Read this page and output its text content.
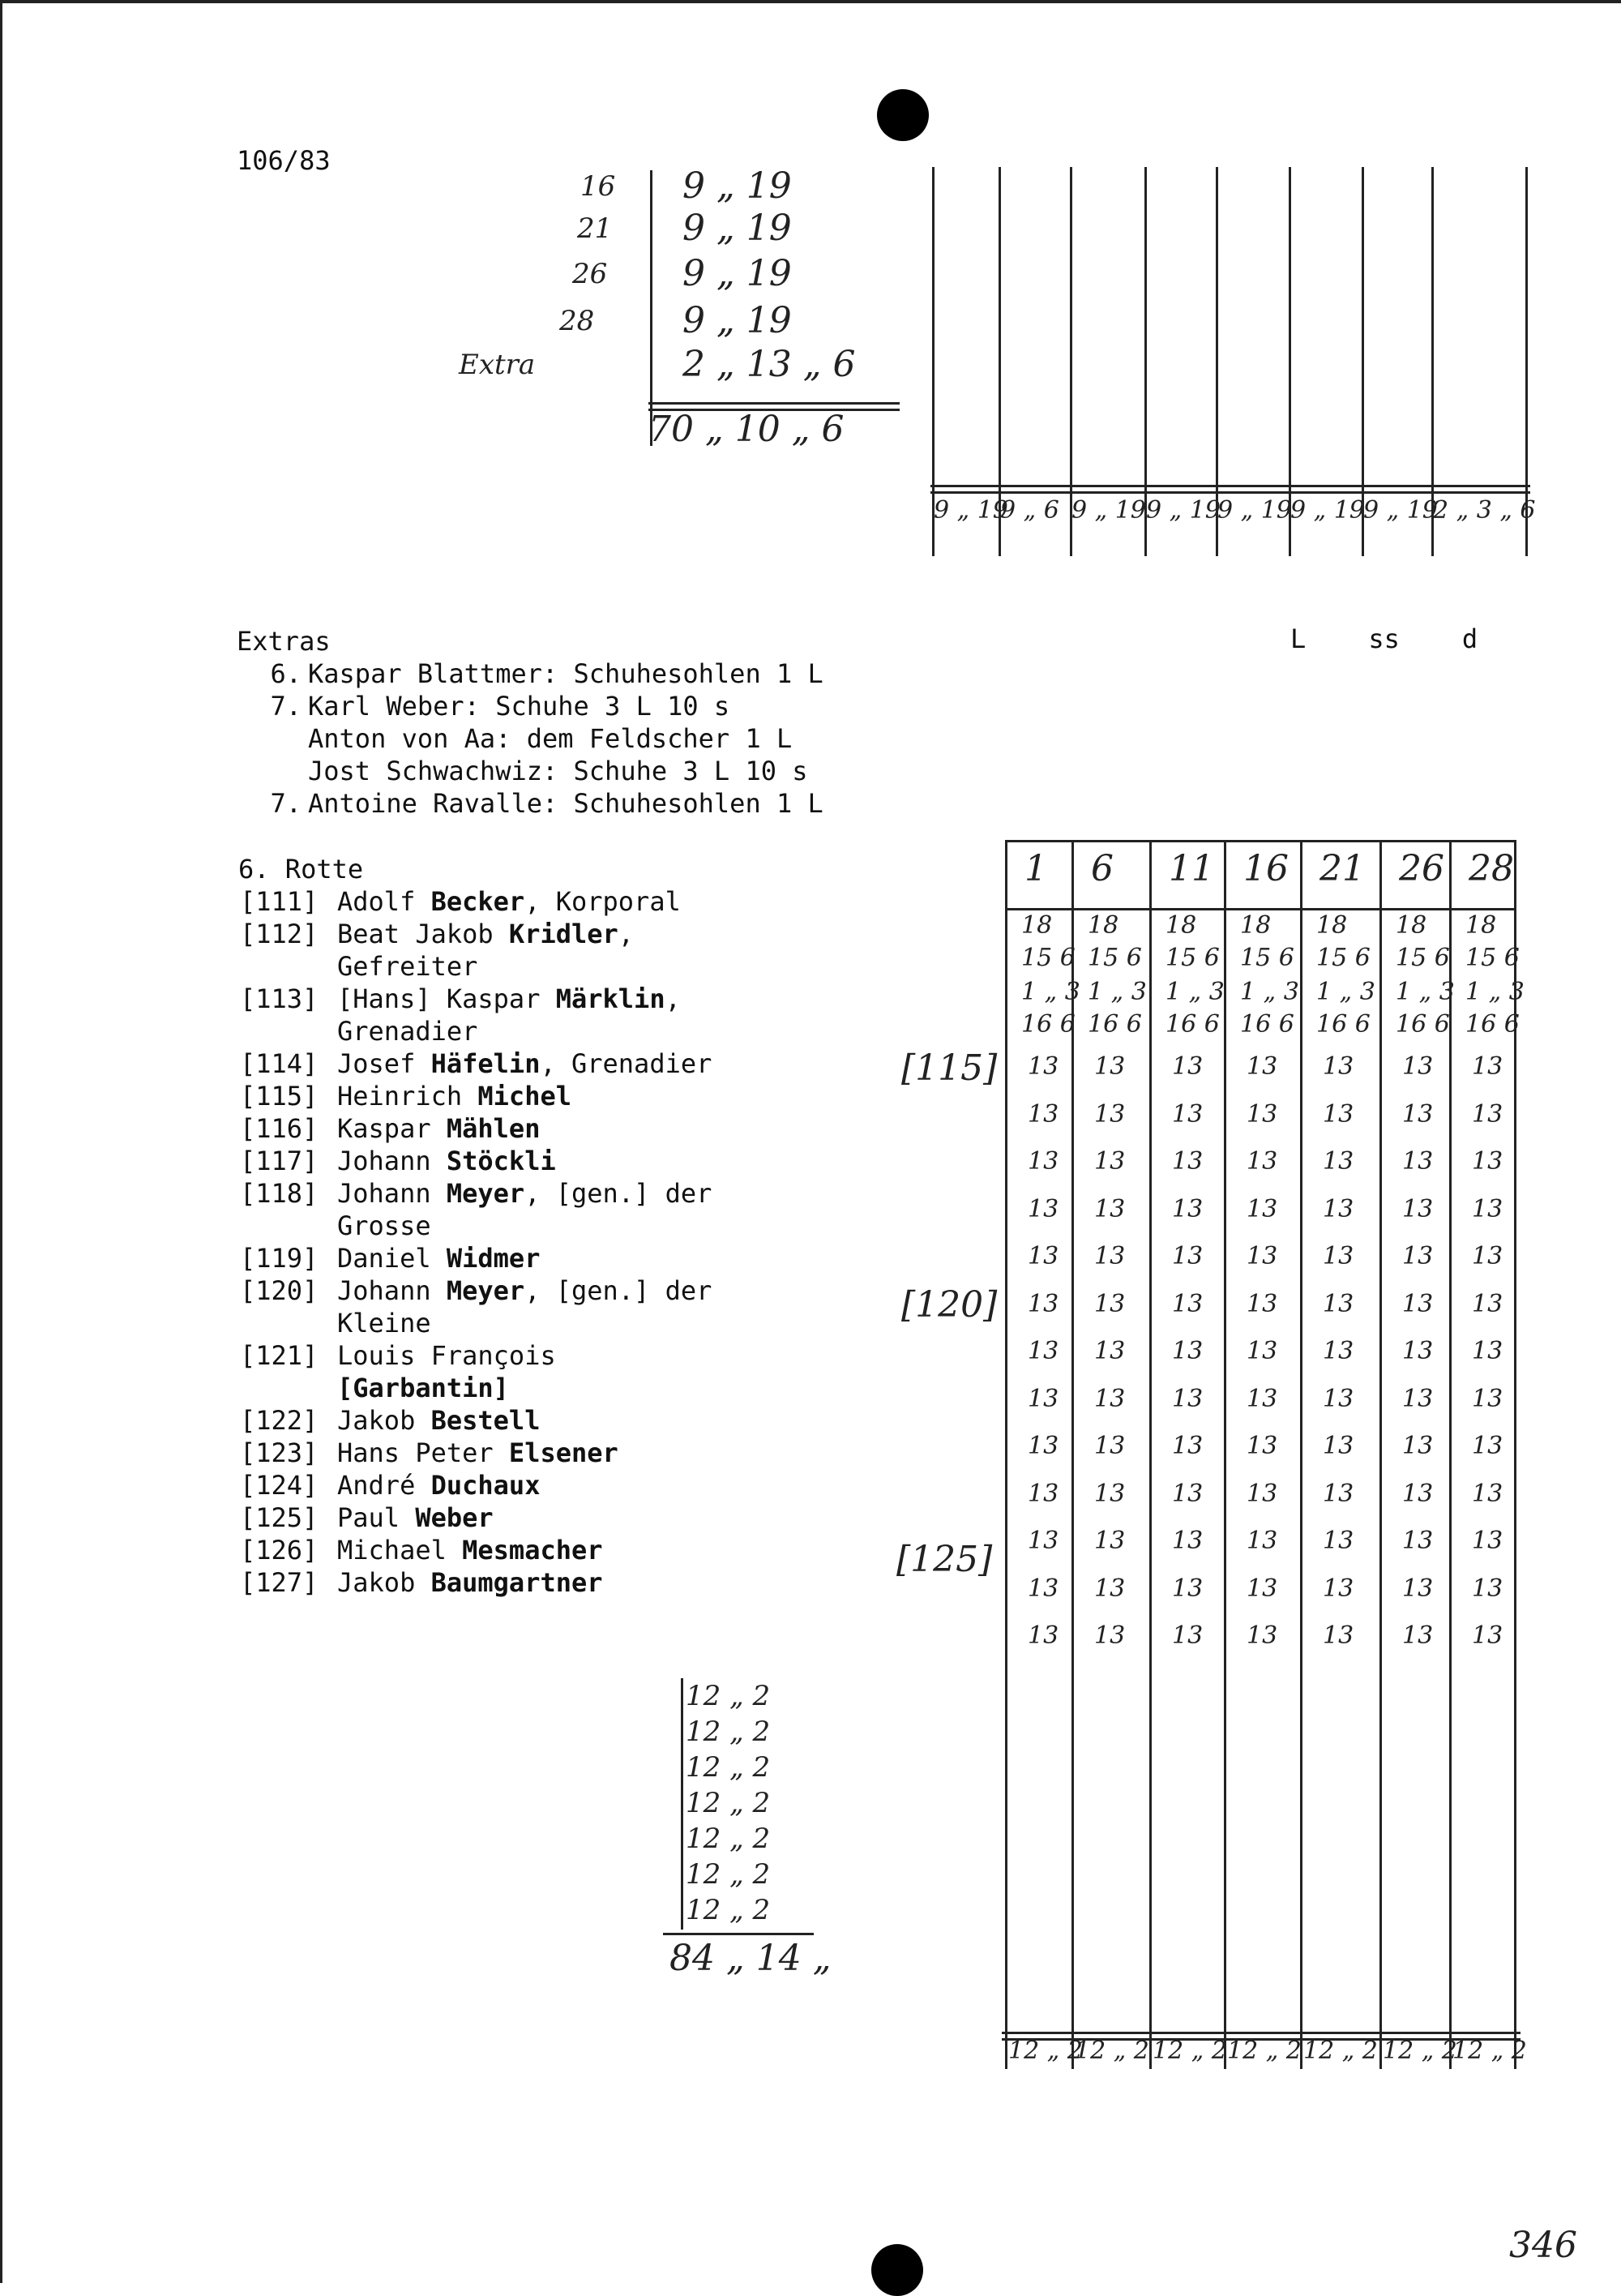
106/83
16 9 „ 19
21 9 „ 19
26 9 „ 19
28 9 „ 19
Extra	2 „ 13 „ 6
70 „ 10 „ 6
9 „ 19
9 „ 6 9 „ 19 9 „ 19
9 „ 19
9 „ 19
9 „ 19
2 „ 3 „ 6
Extras	L    ss    d
6. Kaspar Blattmer: Schuhesohlen 1 L
7. Karl Weber: Schuhe 3 L 10 s
Anton von Aa: dem Feldscher 1 L
Jost Schwachwiz: Schuhe 3 L 10 s
7. Antoine Ravalle: Schuhesohlen 1 L
6. Rotte
[111] Adolf Becker, Korporal
[112] Beat Jakob Kridler,
Gefreiter
[113] [Hans] Kaspar Märklin,
Grenadier
[114] Josef Häfelin, Grenadier
[115] Heinrich Michel
[116] Kaspar Mählen
[117] Johann Stöckli
[118] Johann Meyer, [gen.] der
Grosse
[119] Daniel Widmer
[120] Johann Meyer, [gen.] der
Kleine
[121] Louis François
[Garbantin]
[122] Jakob Bestell
[123] Hans Peter Elsener
[124] André Duchaux
[125] Paul Weber
[126] Michael Mesmacher
[127] Jakob Baumgartner
[115]
[120]
[125]
1 6 11 16 21 26 28
18 18 18 18 18 18 18
15 6 15 6 15 6 15 6 15 6 15 6 15 6
1 „ 3 1 „ 3 1 „ 3 1 „ 3 1 „ 3 1 „ 3 1 „ 3
16 6 16 6 16 6 16 6 16 6 16 6 16 6
13 13 13 13 13 13 13
13 13 13 13 13 13 13
13 13 13 13 13 13 13
13 13 13 13 13 13 13
13 13 13 13 13 13 13
13 13 13 13 13 13 13
13 13 13 13 13 13 13
13 13 13 13 13 13 13
13 13 13 13 13 13 13
13 13 13 13 13 13 13
13 13 13 13 13 13 13
13 13 13 13 13 13 13
13 13 13 13 13 13 13
12 „ 2
12 „ 2 12 „ 2 12 „ 2 12 „ 2 12 „ 2
12 „ 2
12 „ 2
12 „ 2
12 „ 2
12 „ 2
12 „ 2
12 „ 2
12 „ 2
84 „ 14 „
346
